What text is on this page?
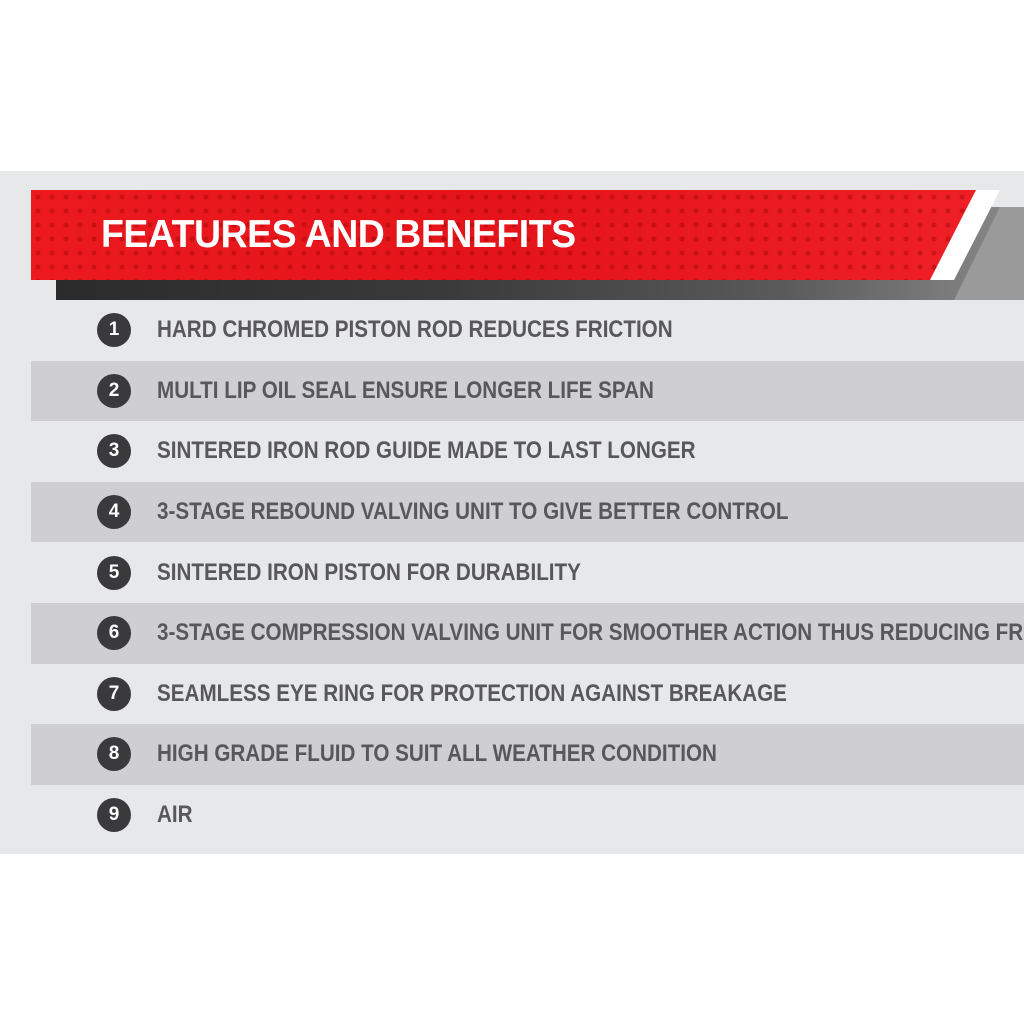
FEATURES AND BENEFITS
1	HARD CHROMED PISTON ROD REDUCES FRICTION
2	MULTI LIP OIL SEAL ENSURE LONGER LIFE SPAN
3	SINTERED IRON ROD GUIDE MADE TO LAST LONGER
4	3-STAGE REBOUND VALVING UNIT TO GIVE BETTER CONTROL
5	SINTERED IRON PISTON FOR DURABILITY
6	3-STAGE COMPRESSION VALVING UNIT FOR SMOOTHER ACTION THUS REDUCING FR
7	SEAMLESS EYE RING FOR PROTECTION AGAINST BREAKAGE
8	HIGH GRADE FLUID TO SUIT ALL WEATHER CONDITION
9	AIR
